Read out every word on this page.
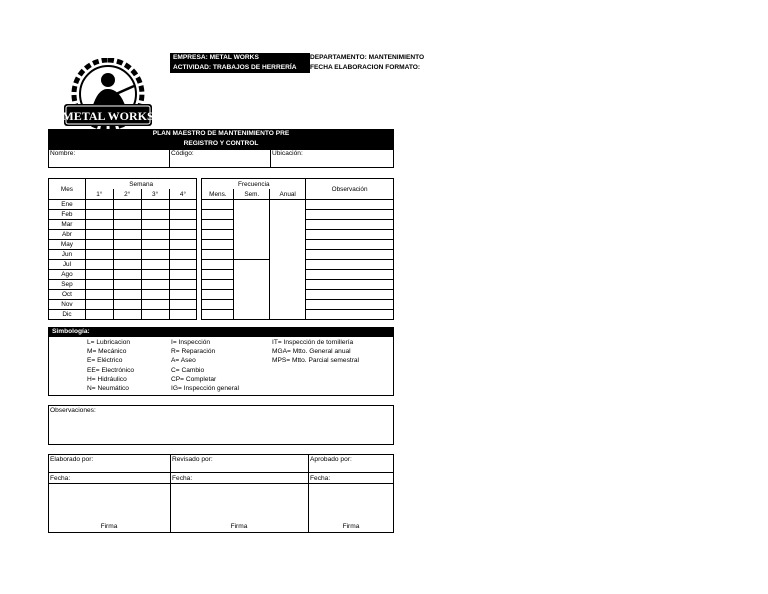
EMPRESA: METAL WORKS
ACTIVIDAD: TRABAJOS DE HERRERÍA
DEPARTAMENTO: MANTENIMIENTO
FECHA ELABORACION FORMATO:
METAL WORKS
PLAN MAESTRO DE MANTENIMIENTO PRE
REGISTRO Y CONTROL
Nombre:	Código:	Ubicación:
Mes	Semana					Frecuencia			Observación
	1°	2°	3°	4°		Mens.	Sem.	Anual	
Ene									
Feb									
Mar									
Abr									
May									
Jun									
Jul									
Ago									
Sep									
Oct									
Nov									
Dic									
Simbología:
L= Lubricacion
M= Mecánico
E= Eléctrico
EE= Electrónico
H= Hidráulico
N= Neumático
I= Inspección
R= Reparación
A= Aseo
C= Cambio
CP= Completar
IG= Inspección general
IT= Inspección de tornillería
MGA= Mtto. General anual
MPS= Mtto. Parcial semestral
Observaciones:
Elaborado por:	Revisado por:	Aprobado por:
Fecha:	Fecha:	Fecha:
Firma	Firma	Firma
